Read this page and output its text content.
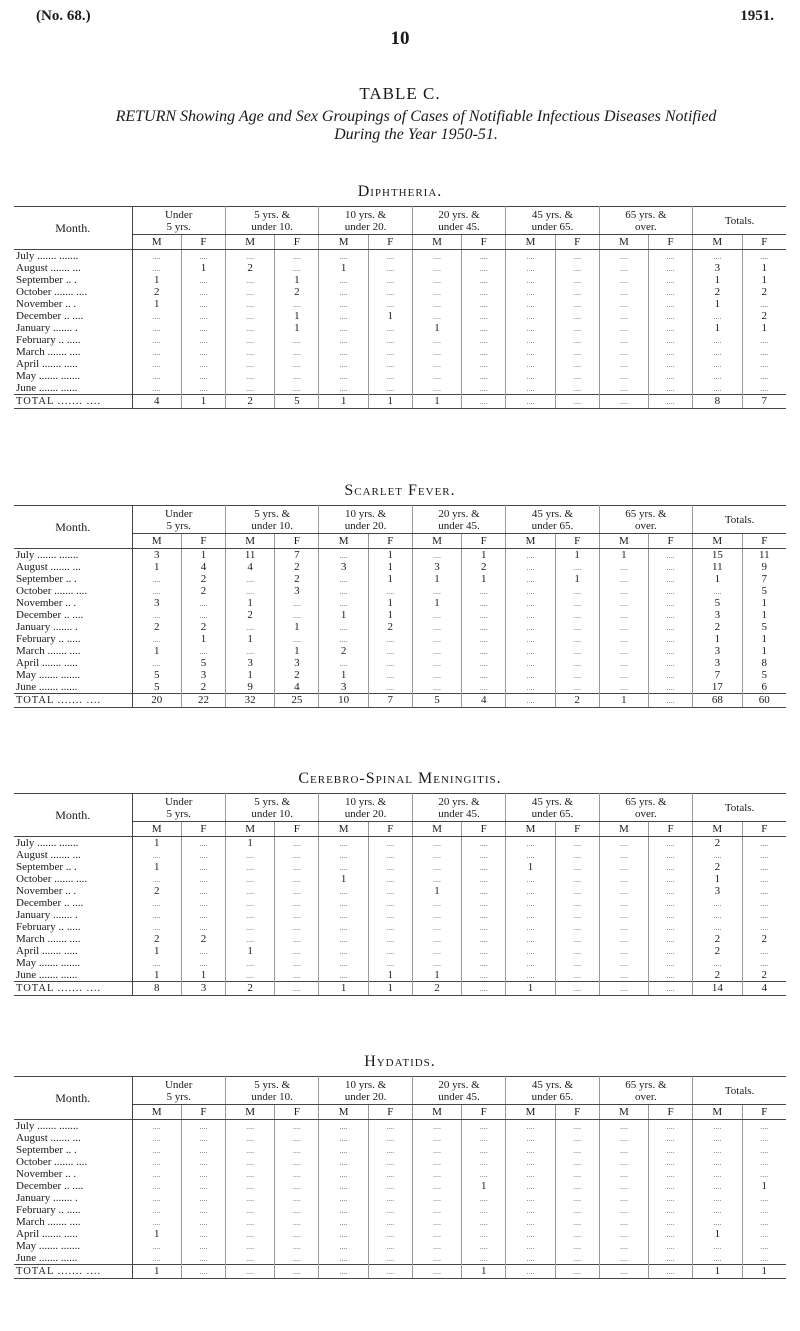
(No. 68.)	1951.
10
TABLE C.
RETURN Showing Age and Sex Groupings of Cases of Notifiable Infectious Diseases Notified
During the Year 1950-51.
Diphtheria.
Month.	Under
5 yrs.		5 yrs. &
under 10.		10 yrs. &
under 20.		20 yrs. &
under 45.		45 yrs. &
under 65.		65 yrs. &
over.		Totals.	
	M	F	M	F	M	F	M	F	M	F	M	F	M	F
July ....... .......	....	....	....	....	....	....	....	....	....	....	....	....	....	....
August ....... ...	....	1	2	....	1	....	....	....	....	....	....	....	3	1
September .. .	1	....	....	1	....	....	....	....	....	....	....	....	1	1
October ....... ....	2	....	....	2	....	....	....	....	....	....	....	....	2	2
November .. .	1	....	....	....	....	....	....	....	....	....	....	....	1	....
December .. ....	....	....	....	1	....	1	....	....	....	....	....	....	....	2
January ....... .	....	....	....	1	....	....	1	....	....	....	....	....	1	1
February .. .....	....	....	....	....	....	....	....	....	....	....	....	....	....	....
March ....... ....	....	....	....	....	....	....	....	....	....	....	....	....	....	....
April ....... .....	....	....	....	....	....	....	....	....	....	....	....	....	....	....
May ....... .......	....	....	....	....	....	....	....	....	....	....	....	....	....	....
June ....... ......	....	....	....	....	....	....	....	....	....	....	....	....	....	....
TOTAL ....... ....	4	1	2	5	1	1	1	....	....	....	....	....	8	7
Scarlet Fever.
Month.	Under
5 yrs.		5 yrs. &
under 10.		10 yrs. &
under 20.		20 yrs. &
under 45.		45 yrs. &
under 65.		65 yrs. &
over.		Totals.	
	M	F	M	F	M	F	M	F	M	F	M	F	M	F
July ....... .......	3	1	11	7	....	1	....	1	....	1	1	....	15	11
August ....... ...	1	4	4	2	3	1	3	2	....	....	....	....	11	9
September .. .	....	2	....	2	....	1	1	1	....	1	....	....	1	7
October ....... ....	....	2	....	3	....	....	....	....	....	....	....	....	....	5
November .. .	3	....	1	....	....	1	1	....	....	....	....	....	5	1
December .. ....	....	....	2	....	1	1	....	....	....	....	....	....	3	1
January ....... .	2	2	....	1	....	2	....	....	....	....	....	....	2	5
February .. .....	....	1	1	....	....	....	....	....	....	....	....	....	1	1
March ....... ....	1	....	....	1	2	....	....	....	....	....	....	....	3	1
April ....... .....	....	5	3	3	....	....	....	....	....	....	....	....	3	8
May ....... .......	5	3	1	2	1	....	....	....	....	....	....	....	7	5
June ....... ......	5	2	9	4	3	....	....	....	....	....	....	....	17	6
TOTAL ....... ....	20	22	32	25	10	7	5	4	....	2	1	....	68	60
Cerebro-Spinal Meningitis.
Month.	Under
5 yrs.		5 yrs. &
under 10.		10 yrs. &
under 20.		20 yrs. &
under 45.		45 yrs. &
under 65.		65 yrs. &
over.		Totals.	
	M	F	M	F	M	F	M	F	M	F	M	F	M	F
July ....... .......	1	....	1	....	....	....	....	....	....	....	....	....	2	....
August ....... ...	....	....	....	....	....	....	....	....	....	....	....	....	....	....
September .. .	1	....	....	....	....	....	....	....	1	....	....	....	2	....
October ....... ....	....	....	....	....	1	....	....	....	....	....	....	....	1	....
November .. .	2	....	....	....	....	....	1	....	....	....	....	....	3	....
December .. ....	....	....	....	....	....	....	....	....	....	....	....	....	....	....
January ....... .	....	....	....	....	....	....	....	....	....	....	....	....	....	....
February .. .....	....	....	....	....	....	....	....	....	....	....	....	....	....	....
March ....... ....	2	2	....	....	....	....	....	....	....	....	....	....	2	2
April ....... .....	1	....	1	....	....	....	....	....	....	....	....	....	2	....
May ....... .......	....	....	....	....	....	....	....	....	....	....	....	....	....	....
June ....... ......	1	1	....	....	....	1	1	....	....	....	....	....	2	2
TOTAL ....... ....	8	3	2	....	1	1	2	....	1	....	....	....	14	4
Hydatids.
Month.	Under
5 yrs.		5 yrs. &
under 10.		10 yrs. &
under 20.		20 yrs. &
under 45.		45 yrs. &
under 65.		65 yrs. &
over.		Totals.	
	M	F	M	F	M	F	M	F	M	F	M	F	M	F
July ....... .......	....	....	....	....	....	....	....	....	....	....	....	....	....	....
August ....... ...	....	....	....	....	....	....	....	....	....	....	....	....	....	....
September .. .	....	....	....	....	....	....	....	....	....	....	....	....	....	....
October ....... ....	....	....	....	....	....	....	....	....	....	....	....	....	....	....
November .. .	....	....	....	....	....	....	....	....	....	....	....	....	....	....
December .. ....	....	....	....	....	....	....	....	1	....	....	....	....	....	1
January ....... .	....	....	....	....	....	....	....	....	....	....	....	....	....	....
February .. .....	....	....	....	....	....	....	....	....	....	....	....	....	....	....
March ....... ....	....	....	....	....	....	....	....	....	....	....	....	....	....	....
April ....... .....	1	....	....	....	....	....	....	....	....	....	....	....	1	....
May ....... .......	....	....	....	....	....	....	....	....	....	....	....	....	....	....
June ....... ......	....	....	....	....	....	....	....	....	....	....	....	....	....	....
TOTAL ....... ....	1	....	....	....	....	....	....	1	....	....	....	....	1	1
